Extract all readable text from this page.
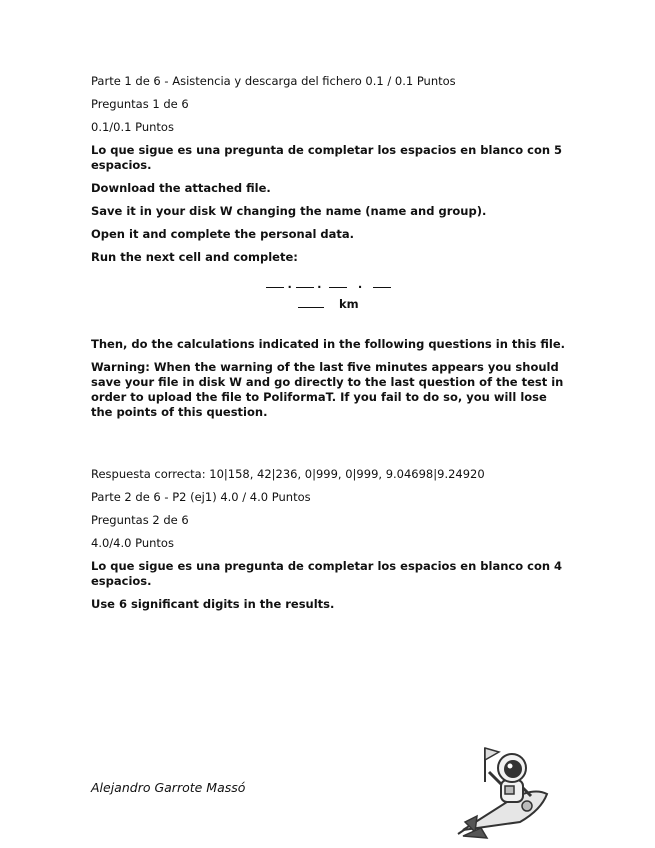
Parte 1 de 6 - Asistencia y descarga del fichero 0.1 / 0.1 Puntos

Preguntas 1 de 6

0.1/0.1 Puntos

Lo que sigue es una pregunta de completar los espacios en blanco con 5 espacios.

Download the attached file.

Save it in your disk W changing the name (name and group).

Open it and complete the personal data.

Run the next cell and complete:

. .	.
km

Then, do the calculations indicated in the following questions in this file.

Warning: When the warning of the last five minutes appears you should save your file in disk W and go directly to the last question of the test in order to upload the file to PoliformaT. If you fail to do so, you will lose the points of this question.

Respuesta correcta: 10|158, 42|236, 0|999, 0|999, 9.04698|9.24920

Parte 2 de 6 - P2 (ej1) 4.0 / 4.0 Puntos

Preguntas 2 de 6

4.0/4.0 Puntos

Lo que sigue es una pregunta de completar los espacios en blanco con 4 espacios.

Use 6 significant digits in the results.

Alejandro Garrote Massó
